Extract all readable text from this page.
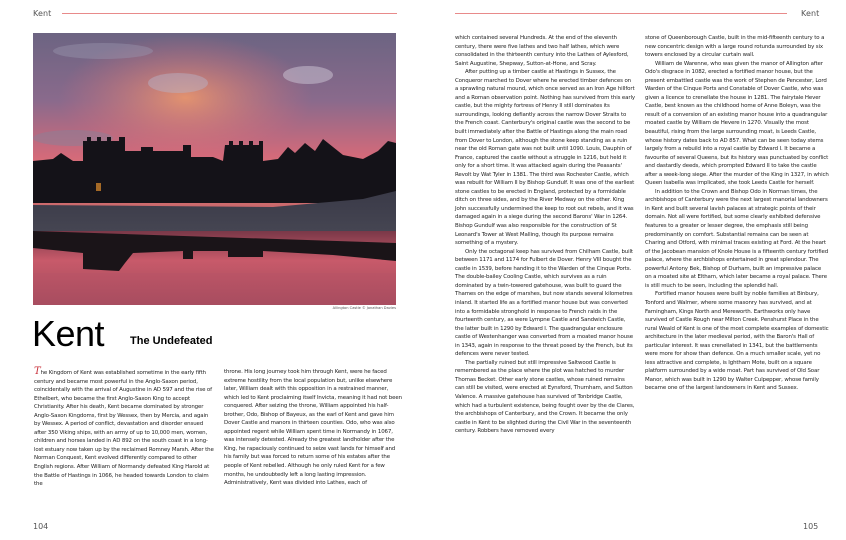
Kent
Allington Castle © Jonathan Davies
Kent The Undefeated

The Kingdom of Kent was established sometime in the early fifth century and became most powerful in the Anglo-Saxon period, coincidentally with the arrival of Augustine in AD 597 and the rise of Ethelbert, who became the first Anglo-Saxon King to accept Christianity. After his death, Kent became dominated by stronger Anglo-Saxon Kingdoms, first by Wessex, then by Mercia, and again by Wessex. A period of conflict, devastation and disorder ensued after 350 Viking ships, with an army of up to 10,000 men, women, children and horses landed in AD 892 on the south coast in a long-lost estuary now taken up by the reclaimed Romney Marsh. After the Norman Conquest, Kent evolved differently compared to other English regions. After William of Normandy defeated King Harold at the Battle of Hastings in 1066, he headed towards London to claim the

throne. His long journey took him through Kent, were he faced extreme hostility from the local population but, unlike elsewhere later, William dealt with this opposition in a restrained manner, which led to Kent proclaiming itself Invicta, meaning it had not been conquered. After seizing the throne, William appointed his half-brother, Odo, Bishop of Bayeux, as the earl of Kent and gave him Dover Castle and manors in thirteen counties. Odo, who was also appointed regent while William spent time in Normandy in 1067, was intensely detested. Already the greatest landholder after the King, he rapaciously continued to seize vast lands for himself and his family but was forced to return some of his estates after the people of Kent rebelled. Although he only ruled Kent for a few months, he undoubtedly left a long lasting impression. Administratively, Kent was divided into Lathes, each of

104
Kent
105

which contained several Hundreds. At the end of the eleventh century, there were five lathes and two half lathes, which were consolidated in the thirteenth century into the Lathes of Aylesford, Saint Augustine, Shepway, Sutton-at-Hone, and Scray.

After putting up a timber castle at Hastings in Sussex, the Conqueror marched to Dover where he erected timber defences on a sprawling natural mound, which once served as an Iron Age hillfort and a Roman observation point. Nothing has survived from this early castle, but the mighty fortress of Henry II still dominates its surroundings, looking defiantly across the narrow Dover Straits to the French coast. Canterbury's original castle was the second to be built immediately after the Battle of Hastings along the main road from Dover to London, although the stone keep standing as a ruin near the old Roman gate was not built until 1090. Louis, Dauphin of France, captured the castle without a struggle in 1216, but held it only for a short time. It was attacked again during the Peasants' Revolt by Wat Tyler in 1381. The third was Rochester Castle, which was rebuilt for William II by Bishop Gundulf. It was one of the earliest stone castles to be erected in England, protected by a formidable ditch on three sides, and by the River Medway on the other. King John successfully undermined the keep to root out rebels, and it was damaged again in a siege during the second Barons' War in 1264. Bishop Gundulf was also responsible for the construction of St Leonard's Tower at West Malling, though its purpose remains something of a mystery.

Only the octagonal keep has survived from Chilham Castle, built between 1171 and 1174 for Fulbert de Dover. Henry VIII bought the castle in 1539, before handing it to the Warden of the Cinque Ports. The double-bailey Cooling Castle, which survives as a ruin dominated by a twin-towered gatehouse, was built to guard the Thames on the edge of marshes, but now stands several kilometres inland. It started life as a fortified manor house but was converted into a formidable stronghold in response to French raids in the fourteenth century, as were Lympne Castle and Sandwich Castle, the latter built in 1290 by Edward I. The quadrangular enclosure castle of Westenhanger was converted from a moated manor house in 1343, again in response to the threat posed by the French, but its defences were never tested.

The partially ruined but still impressive Saltwood Castle is remembered as the place where the plot was hatched to murder Thomas Becket. Other early stone castles, whose ruined remains can still be visited, were erected at Eynsford, Thurnham, and Sutton Valence. A massive gatehouse has survived of Tonbridge Castle, which had a turbulent existence, being fought over by the de Clares, the archbishops of Canterbury, and the Crown. It became the only castle in Kent to be slighted during the Civil War in the seventeenth century. Robbers have removed every

stone of Queenborough Castle, built in the mid-fifteenth century to a new concentric design with a large round rotunda surrounded by six towers enclosed by a circular curtain wall.

William de Warenne, who was given the manor of Allington after Odo's disgrace in 1082, erected a fortified manor house, but the present embattled castle was the work of Stephen de Pencester, Lord Warden of the Cinque Ports and Constable of Dover Castle, who was given a licence to crenellate the house in 1281. The fairytale Hever Castle, best known as the childhood home of Anne Boleyn, was the result of a conversion of an existing manor house into a quadrangular moated castle by William de Hevere in 1270. Visually the most beautiful, rising from the large surrounding moat, is Leeds Castle, whose history dates back to AD 857. What can be seen today stems largely from a rebuild into a royal castle by Edward I. It became a favourite of several Queens, but its history was punctuated by conflict and dastardly deeds, which prompted Edward II to take the castle after a week-long siege. After the murder of the King in 1327, in which Queen Isabella was implicated, she took Leeds Castle for herself.

In addition to the Crown and Bishop Odo in Norman times, the archbishops of Canterbury were the next largest manorial landowners in Kent and built several lavish palaces at strategic points of their domain. Not all were fortified, but some clearly exhibited defensive features to a greater or lesser degree, the emphasis still being predominantly on comfort. Substantial remains can be seen at Charing and Otford, with minimal traces existing at Ford. At the heart of the Jacobean mansion of Knole House is a fifteenth century fortified palace, where the archbishops entertained in great splendour. The powerful Antony Bek, Bishop of Durham, built an impressive palace on a moated site at Eltham, which later became a royal palace. There is still much to be seen, including the splendid hall.

Fortified manor houses were built by noble families at Binbury, Tonford and Walmer, where some masonry has survived, and at Farningham, Kings North and Mereworth. Earthworks only have survived of Castle Rough near Milton Creek. Penshurst Place in the rural Weald of Kent is one of the most complete examples of domestic architecture in the later medieval period, with the Baron's Hall of particular interest. It was crenellated in 1341, but the battlements were more for show than defence. On a much smaller scale, yet no less attractive and complete, is Ightham Mote, built on a square platform surrounded by a wide moat. Part has survived of Old Soar Manor, which was built in 1290 by Walter Culpepper, whose family became one of the largest landowners in Kent and Sussex.
